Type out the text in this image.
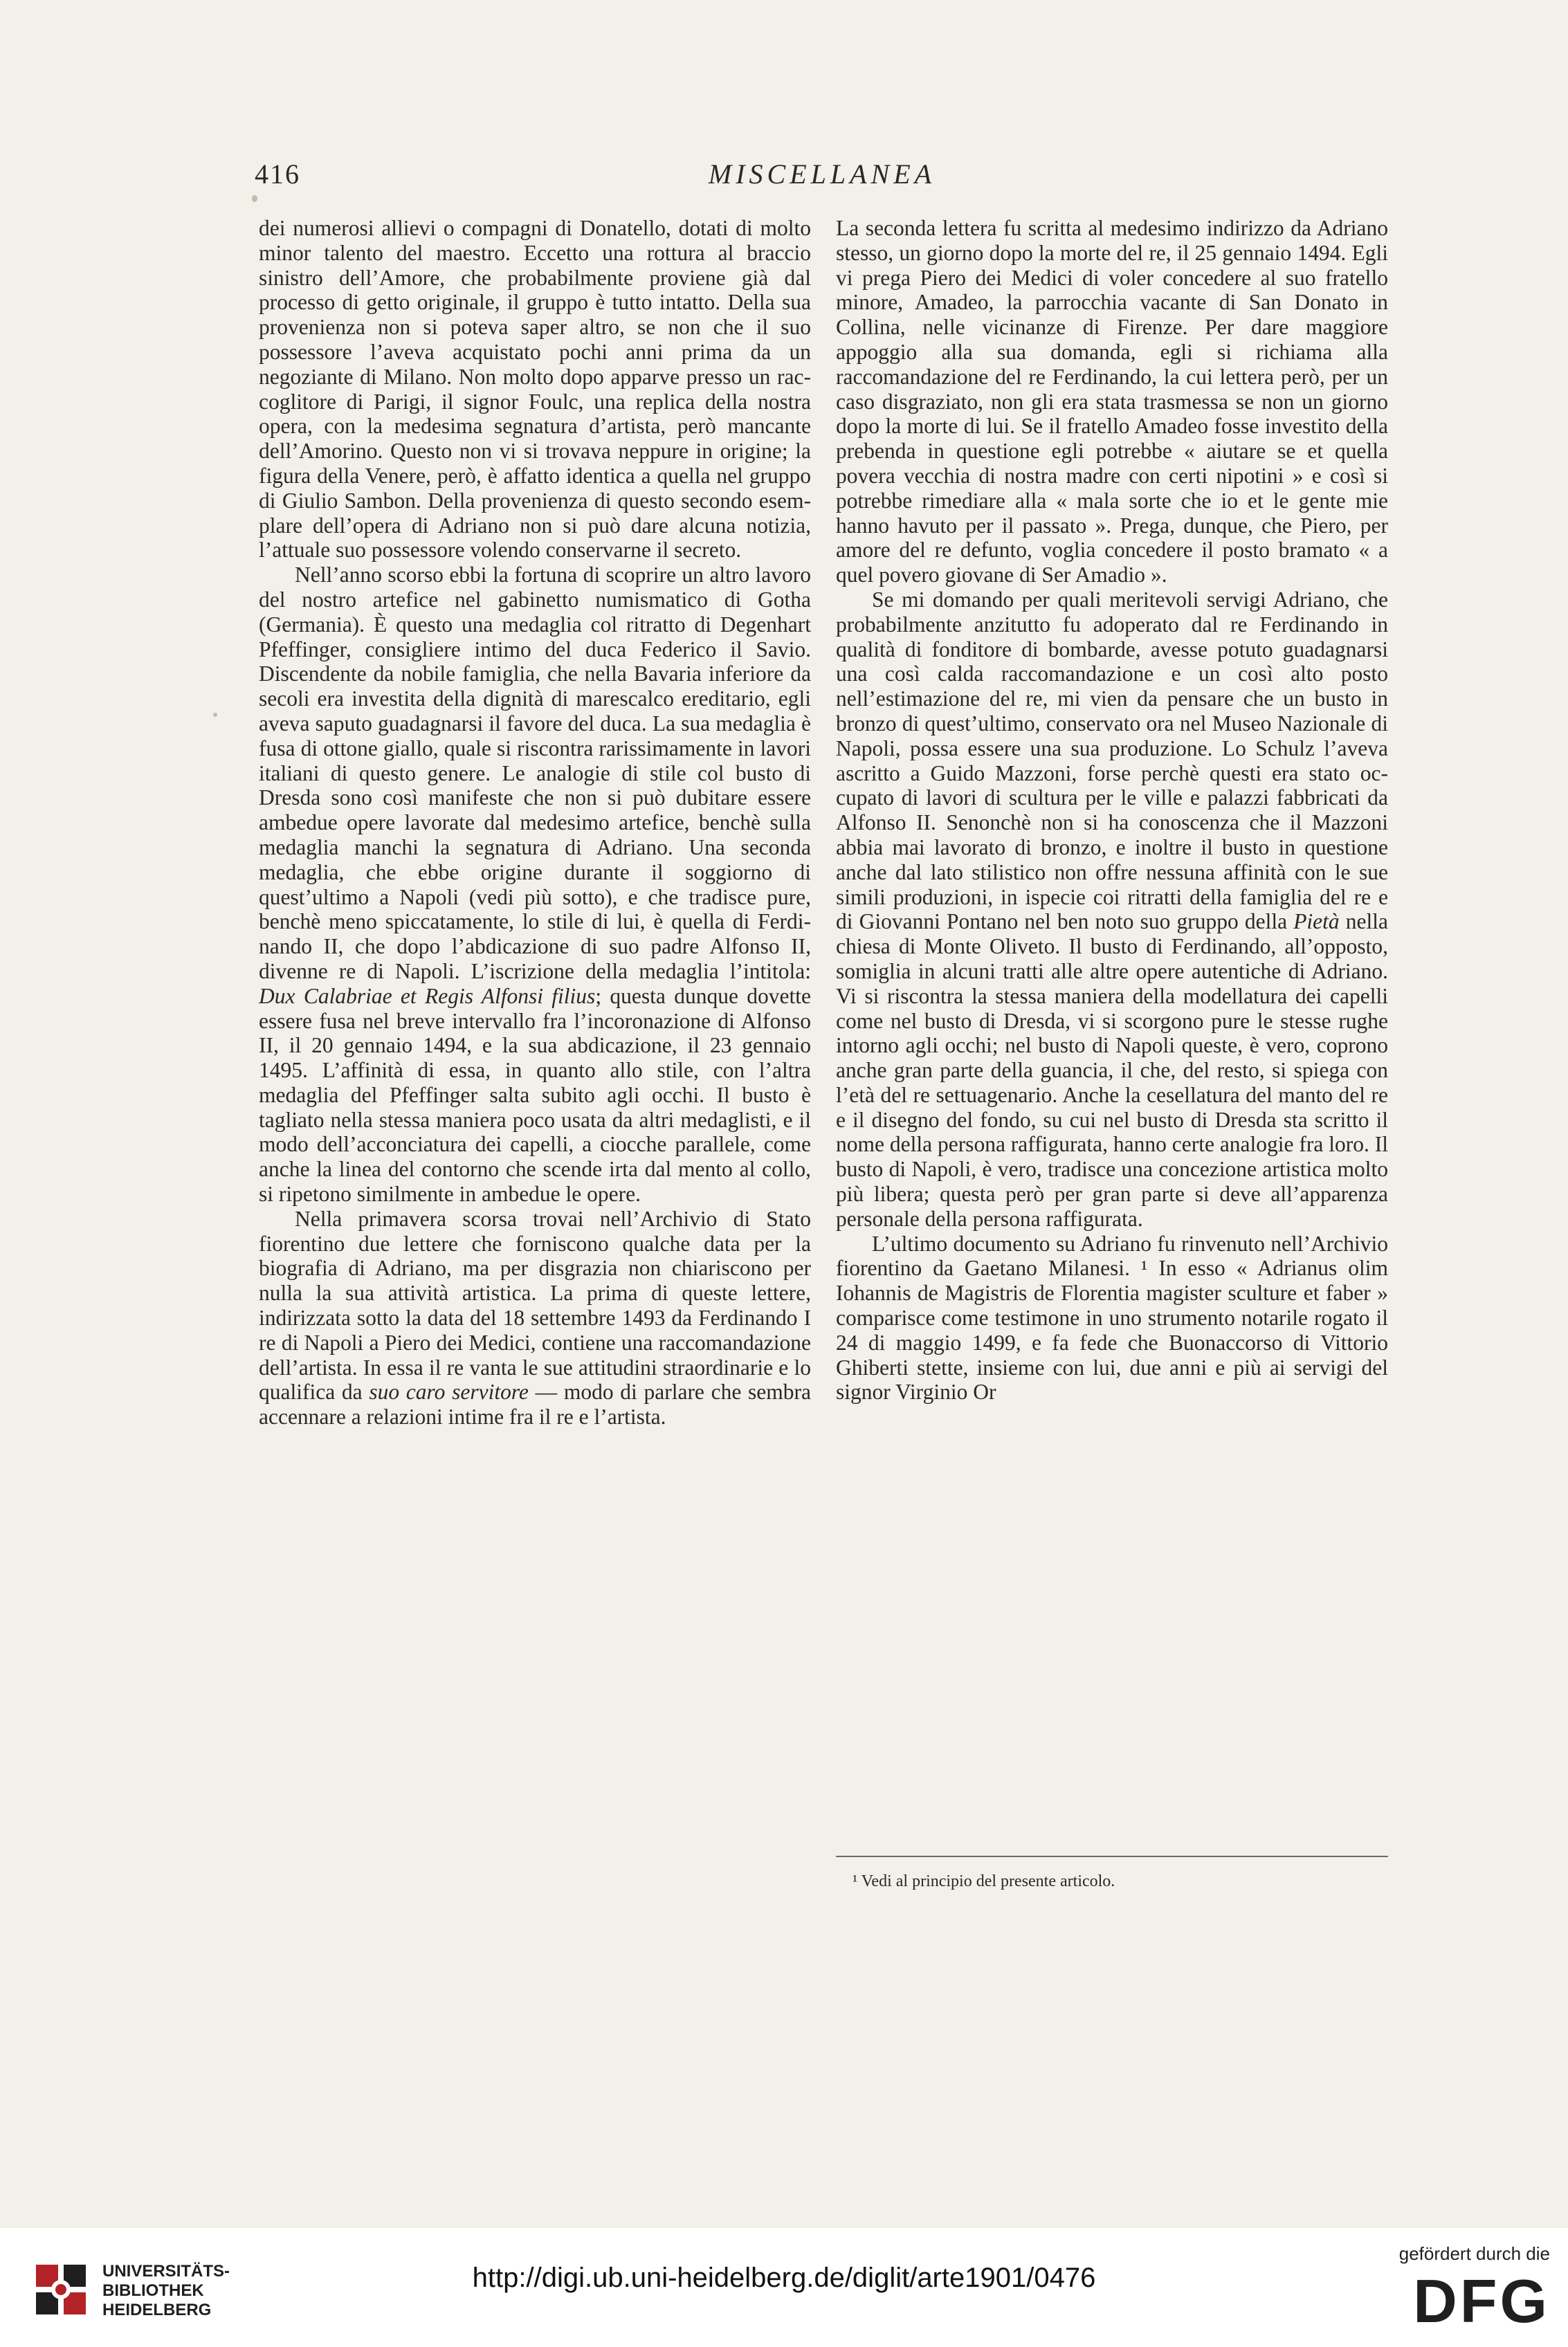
416	MISCELLANEA

dei numerosi allievi o compagni di Donatello, dotati di molto minor talento del maestro. Eccetto una rottura al braccio sinistro dell’Amore, che probabilmente proviene già dal processo di getto originale, il gruppo è tutto intatto. Della sua provenienza non si poteva saper altro, se non che il suo possessore l’aveva acquistato pochi anni prima da un negoziante di Milano. Non molto dopo apparve presso un raccoglitore di Parigi, il signor Foulc, una replica della nostra opera, con la medesima segnatura d’artista, però mancante dell’Amorino. Questo non vi si trovava neppure in origine; la figura della Venere, però, è affatto identica a quella nel gruppo di Giulio Sambon. Della provenienza di questo secondo esemplare dell’opera di Adriano non si può dare alcuna notizia, l’attuale suo possessore volendo conservarne il secreto.

Nell’anno scorso ebbi la fortuna di scoprire un altro lavoro del nostro artefice nel gabinetto numismatico di Gotha (Germania). È questo una medaglia col ritratto di Degenhart Pfeffinger, consigliere intimo del duca Federico il Savio. Discendente da nobile famiglia, che nella Bavaria inferiore da secoli era investita della dignità di marescalco ereditario, egli aveva saputo guadagnarsi il favore del duca. La sua medaglia è fusa di ottone giallo, quale si riscontra rarissimamente in lavori italiani di questo genere. Le analogie di stile col busto di Dresda sono così manifeste che non si può dubitare essere ambedue opere lavorate dal medesimo artefice, benchè sulla medaglia manchi la segnatura di Adriano. Una seconda medaglia, che ebbe origine durante il soggiorno di quest’ultimo a Napoli (vedi più sotto), e che tradisce pure, benchè meno spiccatamente, lo stile di lui, è quella di Ferdinando II, che dopo l’abdicazione di suo padre Alfonso II, divenne re di Napoli. L’iscrizione della medaglia l’intitola: Dux Calabriae et Regis Alfonsi filius; questa dunque dovette essere fusa nel breve intervallo fra l’incoronazione di Alfonso II, il 20 gennaio 1494, e la sua abdicazione, il 23 gennaio 1495. L’affinità di essa, in quanto allo stile, con l’altra medaglia del Pfeffinger salta subito agli occhi. Il busto è tagliato nella stessa maniera poco usata da altri medaglisti, e il modo dell’acconciatura dei capelli, a ciocche parallele, come anche la linea del contorno che scende irta dal mento al collo, si ripetono similmente in ambedue le opere.

Nella primavera scorsa trovai nell’Archivio di Stato fiorentino due lettere che forniscono qualche data per la biografia di Adriano, ma per disgrazia non chiariscono per nulla la sua attività artistica. La prima di queste lettere, indirizzata sotto la data del 18 settembre 1493 da Ferdinando I re di Napoli a Piero dei Medici, contiene una raccomandazione dell’artista. In essa il re vanta le sue attitudini straordinarie e lo qualifica da suo caro servitore — modo di parlare che sembra accennare a relazioni intime fra il re e l’artista.

La seconda lettera fu scritta al medesimo indirizzo da Adriano stesso, un giorno dopo la morte del re, il 25 gennaio 1494. Egli vi prega Piero dei Medici di voler concedere al suo fratello minore, Amadeo, la parrocchia vacante di San Donato in Collina, nelle vicinanze di Firenze. Per dare maggiore appoggio alla sua domanda, egli si richiama alla raccomandazione del re Ferdinando, la cui lettera però, per un caso disgraziato, non gli era stata trasmessa se non un giorno dopo la morte di lui. Se il fratello Amadeo fosse investito della prebenda in questione egli potrebbe « aiutare se et quella povera vecchia di nostra madre con certi nipotini » e così si potrebbe rimediare alla « mala sorte che io et le gente mie hanno havuto per il passato ». Prega, dunque, che Piero, per amore del re defunto, voglia concedere il posto bramato « a quel povero giovane di Ser Amadio ».

Se mi domando per quali meritevoli servigi Adriano, che probabilmente anzitutto fu adoperato dal re Ferdinando in qualità di fonditore di bombarde, avesse potuto guadagnarsi una così calda raccomandazione e un così alto posto nell’estimazione del re, mi vien da pensare che un busto in bronzo di quest’ultimo, conservato ora nel Museo Nazionale di Napoli, possa essere una sua produzione. Lo Schulz l’aveva ascritto a Guido Mazzoni, forse perchè questi era stato occupato di lavori di scultura per le ville e palazzi fabbricati da Alfonso II. Senonchè non si ha conoscenza che il Mazzoni abbia mai lavorato di bronzo, e inoltre il busto in questione anche dal lato stilistico non offre nessuna affinità con le sue simili produzioni, in ispecie coi ritratti della famiglia del re e di Giovanni Pontano nel ben noto suo gruppo della Pietà nella chiesa di Monte Oliveto. Il busto di Ferdinando, all’opposto, somiglia in alcuni tratti alle altre opere autentiche di Adriano. Vi si riscontra la stessa maniera della modellatura dei capelli come nel busto di Dresda, vi si scorgono pure le stesse rughe intorno agli occhi; nel busto di Napoli queste, è vero, coprono anche gran parte della guancia, il che, del resto, si spiega con l’età del re settuagenario. Anche la cesellatura del manto del re e il disegno del fondo, su cui nel busto di Dresda sta scritto il nome della persona raffigurata, hanno certe analogie fra loro. Il busto di Napoli, è vero, tradisce una concezione artistica molto più libera; questa però per gran parte si deve all’apparenza personale della persona raffigurata.

L’ultimo documento su Adriano fu rinvenuto nell’Archivio fiorentino da Gaetano Milanesi. ¹ In esso « Adrianus olim Iohannis de Magistris de Florentia magister sculture et faber » comparisce come testimone in uno strumento notarile rogato il 24 di maggio 1499, e fa fede che Buonaccorso di Vittorio Ghiberti stette, insieme con lui, due anni e più ai servigi del signor Virginio Or

¹ Vedi al principio del presente articolo.
UNIVERSITÄTS-
BIBLIOTHEK
HEIDELBERG
http://digi.ub.uni-heidelberg.de/diglit/arte1901/0476
gefördert durch die
DFG
